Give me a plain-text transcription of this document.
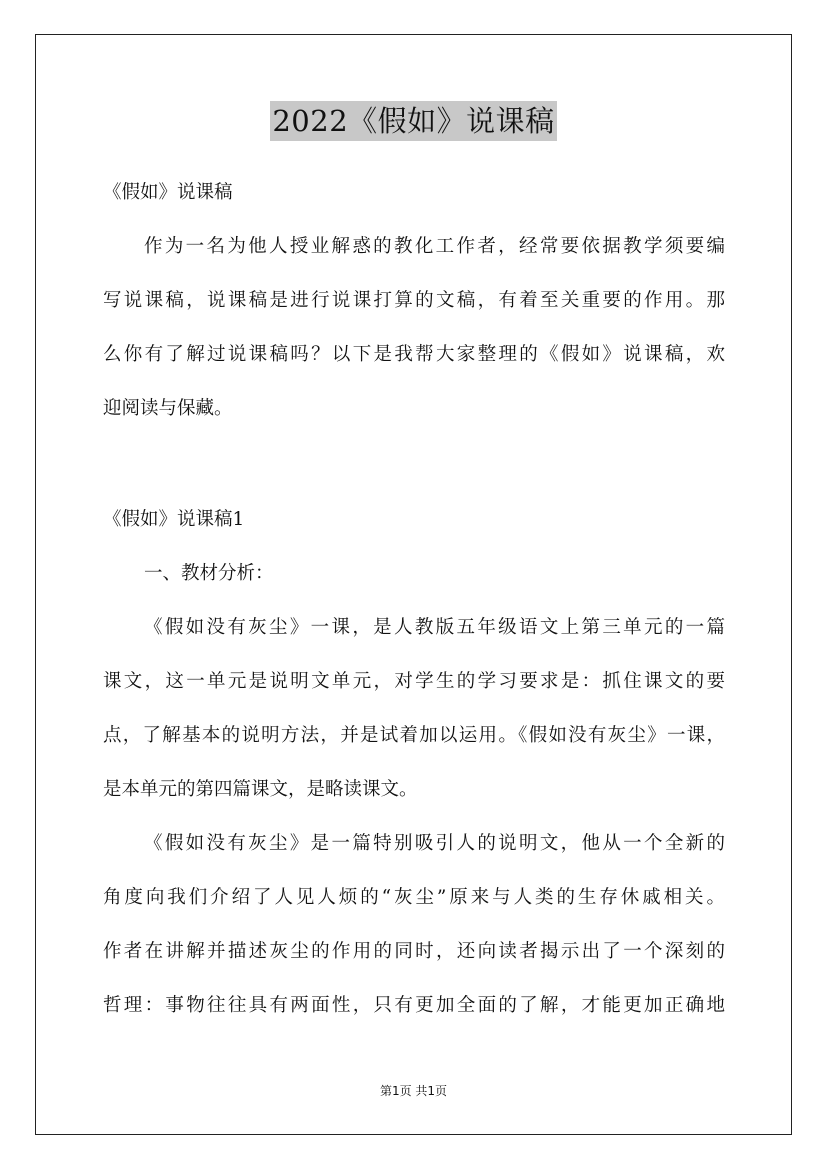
2022《假如》说课稿
《假如》说课稿
作为一名为他人授业解惑的教化工作者，经常要依据教学须要编
写说课稿，说课稿是进行说课打算的文稿，有着至关重要的作用。那
么你有了解过说课稿吗？以下是我帮大家整理的《假如》说课稿，欢
迎阅读与保藏。
《假如》说课稿1
一、教材分析：
《假如没有灰尘》一课，是人教版五年级语文上第三单元的一篇
课文，这一单元是说明文单元，对学生的学习要求是：抓住课文的要
点，了解基本的说明方法，并是试着加以运用。《假如没有灰尘》一课，
是本单元的第四篇课文，是略读课文。
《假如没有灰尘》是一篇特别吸引人的说明文，他从一个全新的
角度向我们介绍了人见人烦的“灰尘”原来与人类的生存休戚相关。
作者在讲解并描述灰尘的作用的同时，还向读者揭示出了一个深刻的
哲理：事物往往具有两面性，只有更加全面的了解，才能更加正确地
第1页 共1页
